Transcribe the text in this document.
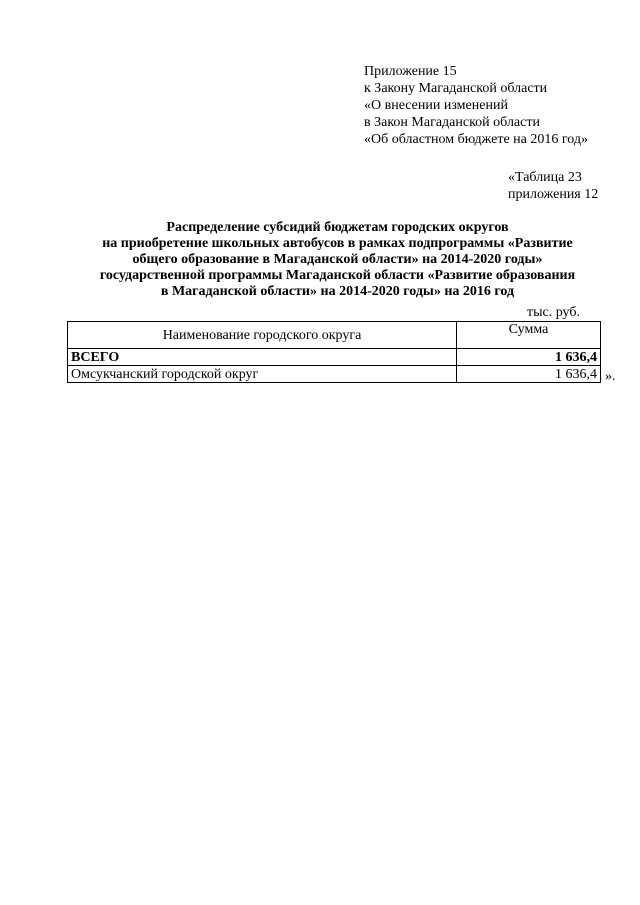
Приложение 15
к Закону Магаданской области
«О внесении изменений
в Закон Магаданской области
«Об областном бюджете на 2016 год»
«Таблица 23
приложения 12
Распределение субсидий бюджетам городских округов
на приобретение школьных автобусов в рамках подпрограммы «Развитие
общего образование в Магаданской области» на 2014-2020 годы»
государственной программы Магаданской области «Развитие образования
в Магаданской области» на 2014-2020 годы» на 2016 год
тыс. руб.
Наименование городского округа	Сумма
ВСЕГО	1 636,4
Омсукчанский городской округ	1 636,4 ».
